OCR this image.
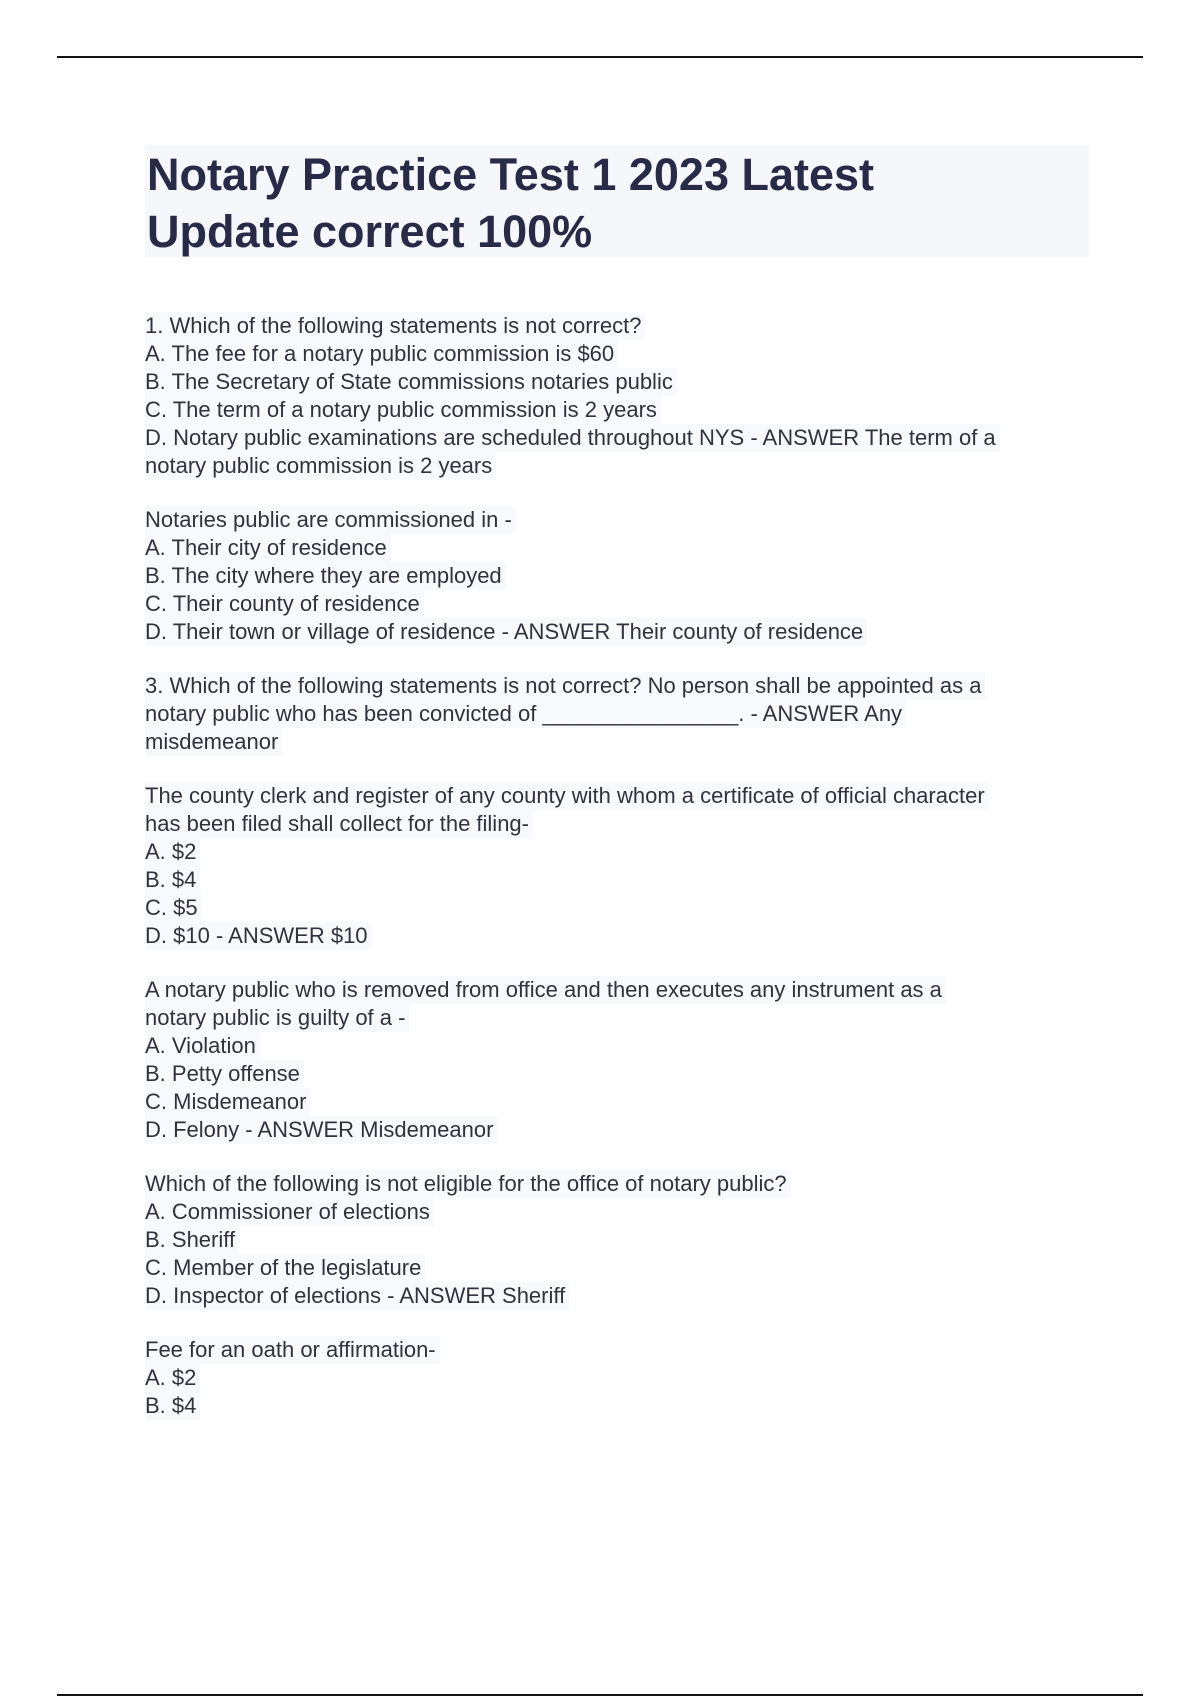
Notary Practice Test 1 2023 Latest
Update correct 100%
1. Which of the following statements is not correct?
A. The fee for a notary public commission is $60
B. The Secretary of State commissions notaries public
C. The term of a notary public commission is 2 years
D. Notary public examinations are scheduled throughout NYS - ANSWER The term of a
notary public commission is 2 years

Notaries public are commissioned in -
A. Their city of residence
B. The city where they are employed
C. Their county of residence
D. Their town or village of residence - ANSWER Their county of residence

3. Which of the following statements is not correct? No person shall be appointed as a
notary public who has been convicted of ________________. - ANSWER Any
misdemeanor

The county clerk and register of any county with whom a certificate of official character
has been filed shall collect for the filing-
A. $2
B. $4
C. $5
D. $10 - ANSWER $10

A notary public who is removed from office and then executes any instrument as a
notary public is guilty of a -
A. Violation
B. Petty offense
C. Misdemeanor
D. Felony - ANSWER Misdemeanor

Which of the following is not eligible for the office of notary public?
A. Commissioner of elections
B. Sheriff
C. Member of the legislature
D. Inspector of elections - ANSWER Sheriff

Fee for an oath or affirmation-
A. $2
B. $4
